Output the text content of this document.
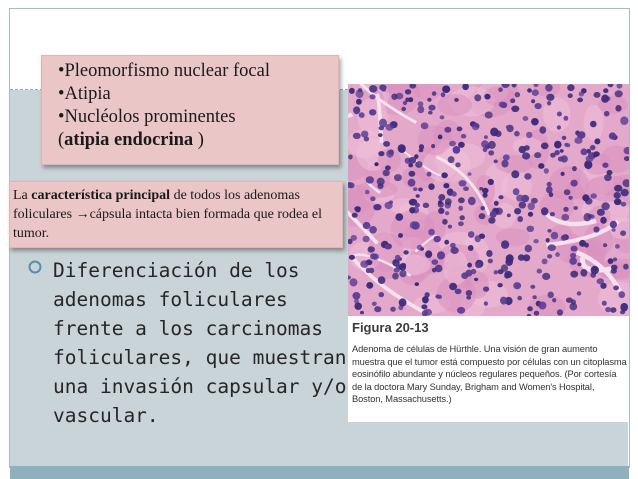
•Pleomorfismo nuclear focal
•Atipia
•Nucléolos prominentes
(atipia endocrina )
La característica principal de todos los adenomas foliculares →cápsula intacta bien formada que rodea el tumor.
Diferenciación de los adenomas foliculares frente a los carcinomas foliculares, que muestran una invasión capsular y/o vascular.
Figura 20-13
Adenoma de células de Hürthle. Una visión de gran aumento muestra que el tumor está compuesto por células con un citoplasma eosinófilo abundante y núcleos regulares pequeños. (Por cortesía de la doctora Mary Sunday, Brigham and Women's Hospital, Boston, Massachusetts.)
